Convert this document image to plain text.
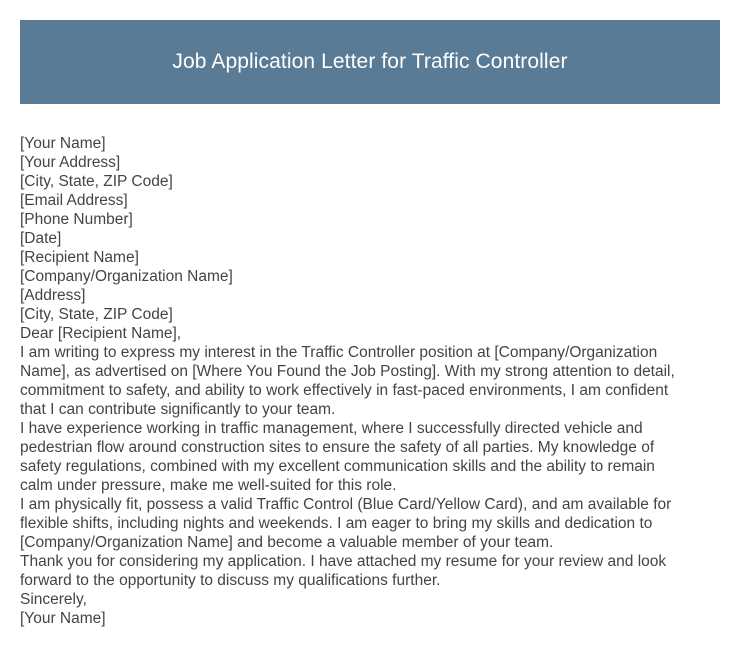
Job Application Letter for Traffic Controller
[Your Name]
[Your Address]
[City, State, ZIP Code]
[Email Address]
[Phone Number]
[Date]
[Recipient Name]
[Company/Organization Name]
[Address]
[City, State, ZIP Code]
Dear [Recipient Name],
I am writing to express my interest in the Traffic Controller position at [Company/Organization
Name], as advertised on [Where You Found the Job Posting]. With my strong attention to detail,
commitment to safety, and ability to work effectively in fast-paced environments, I am confident
that I can contribute significantly to your team.
I have experience working in traffic management, where I successfully directed vehicle and
pedestrian flow around construction sites to ensure the safety of all parties. My knowledge of
safety regulations, combined with my excellent communication skills and the ability to remain
calm under pressure, make me well-suited for this role.
I am physically fit, possess a valid Traffic Control (Blue Card/Yellow Card), and am available for
flexible shifts, including nights and weekends. I am eager to bring my skills and dedication to
[Company/Organization Name] and become a valuable member of your team.
Thank you for considering my application. I have attached my resume for your review and look
forward to the opportunity to discuss my qualifications further.
Sincerely,
[Your Name]
